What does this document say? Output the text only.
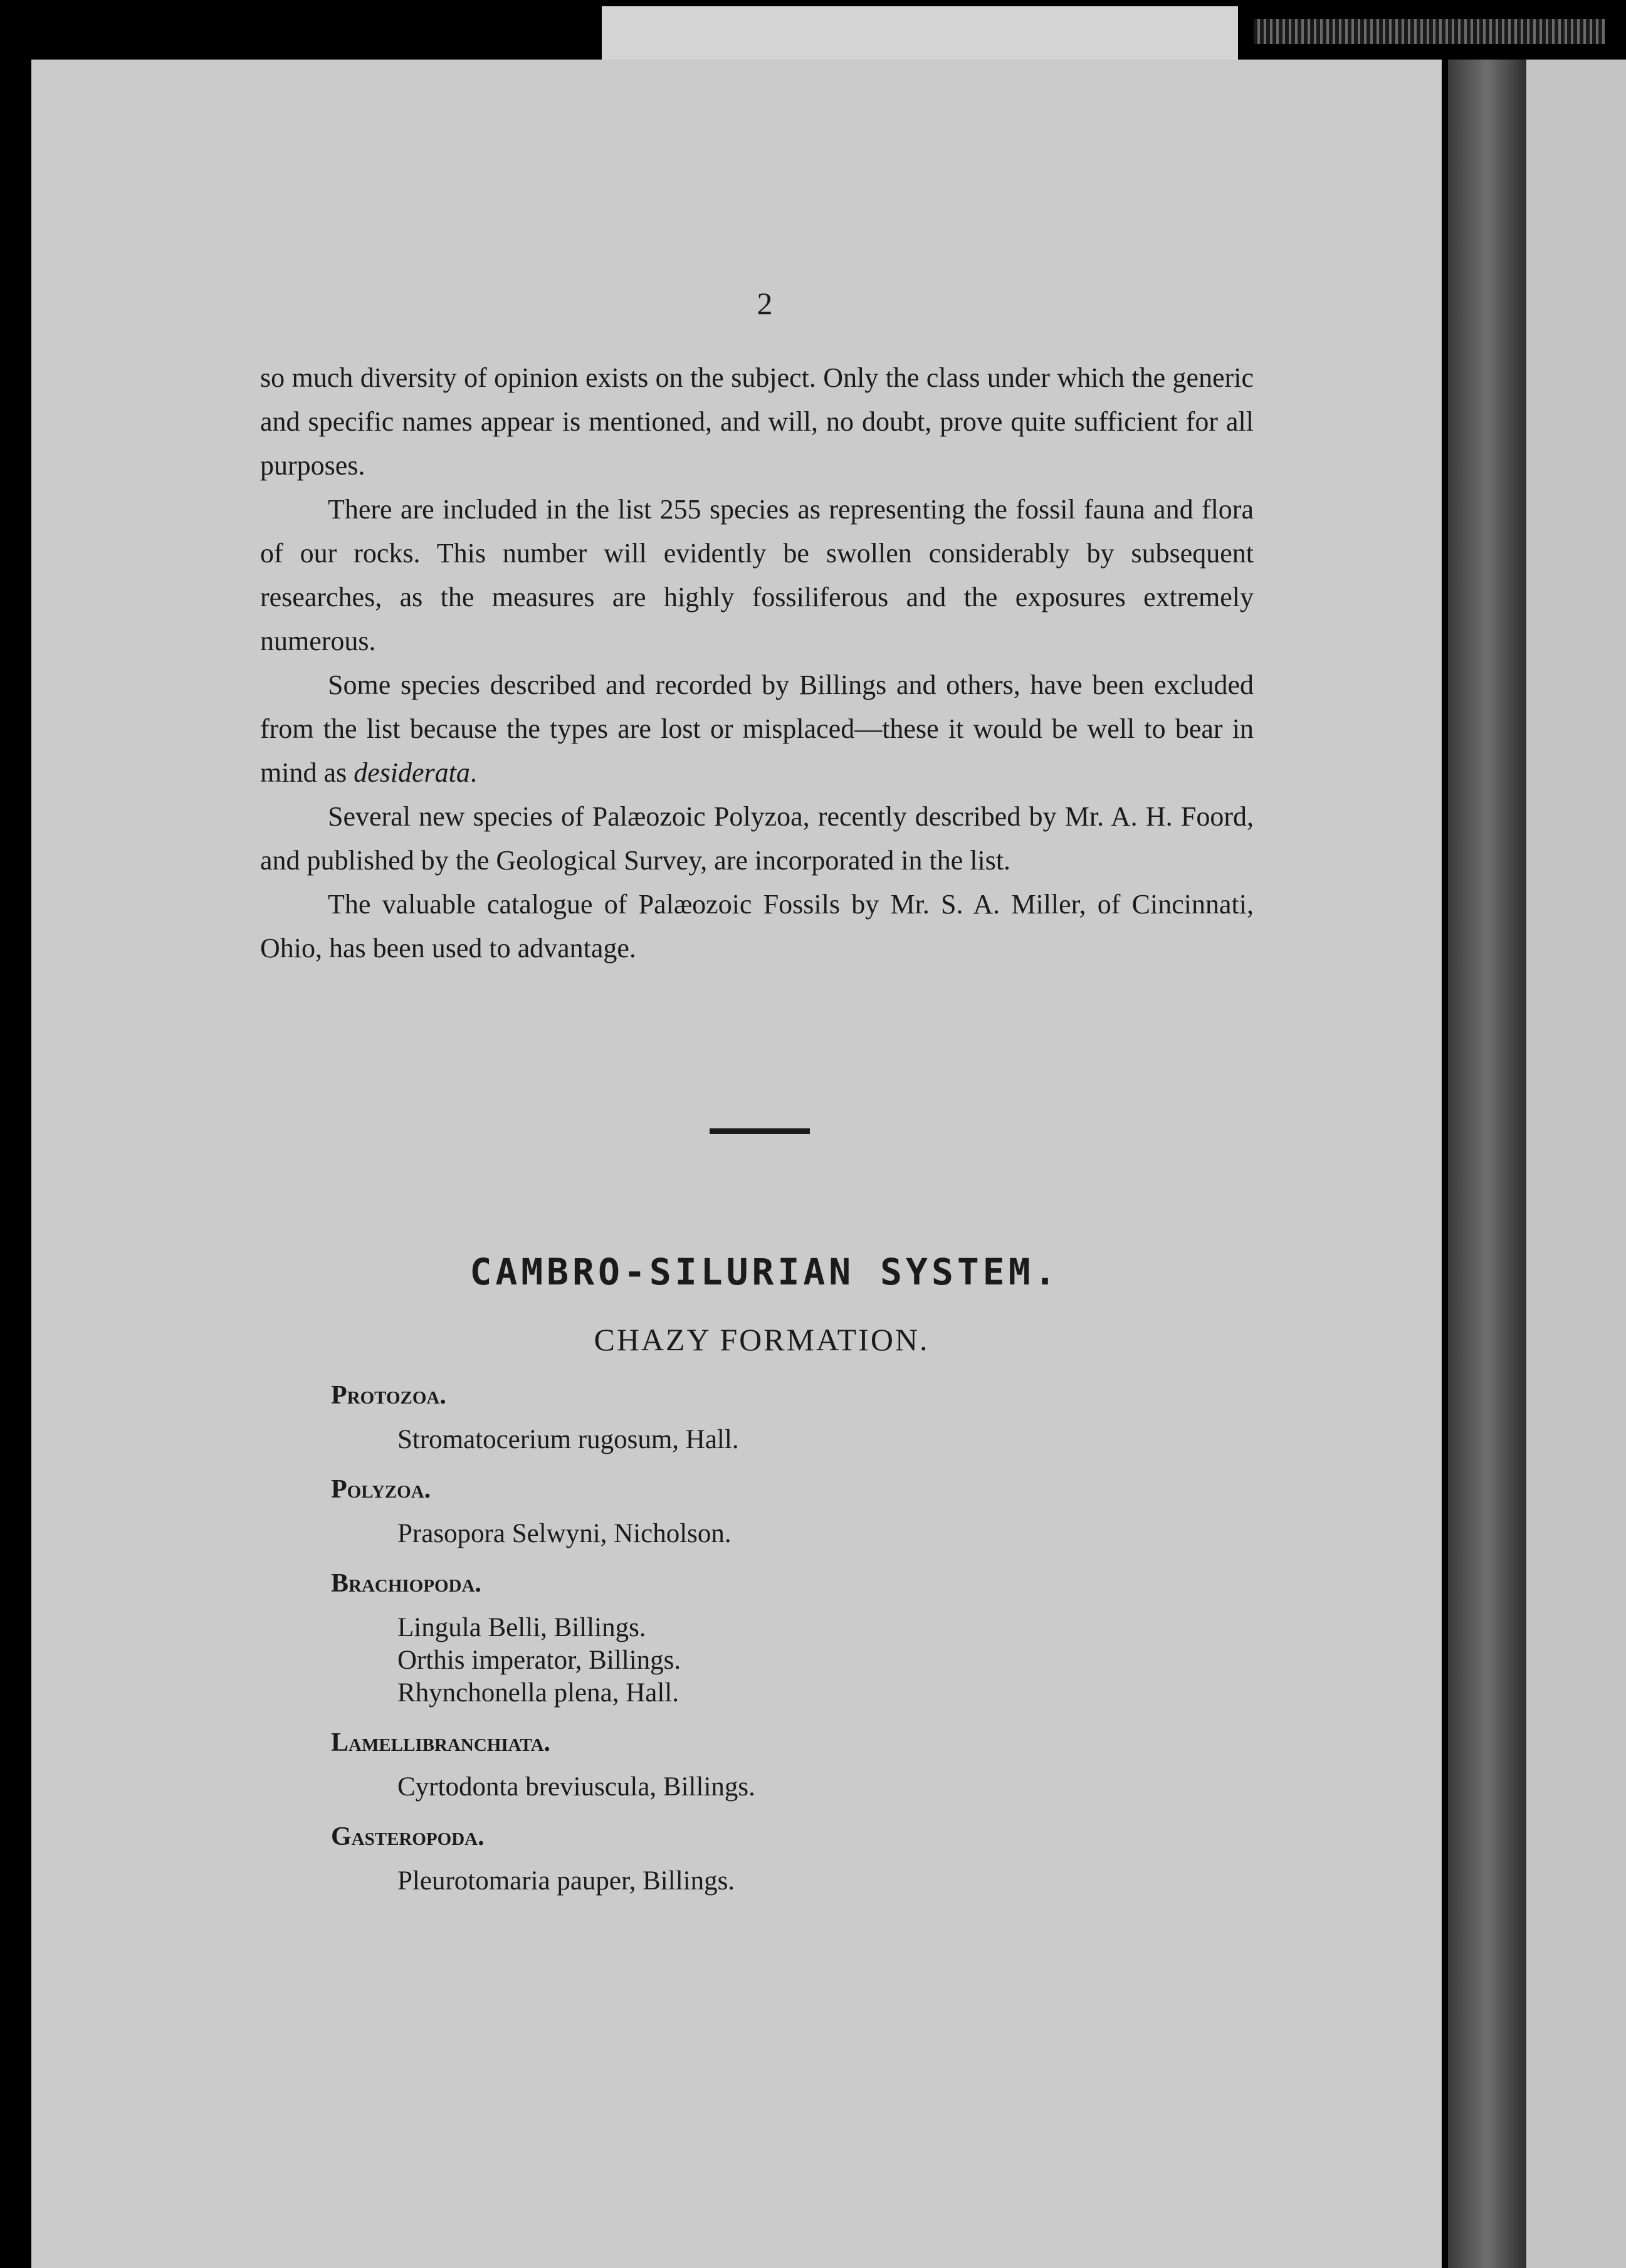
2

so much diversity of opinion exists on the subject. Only the class under which the generic and specific names appear is mentioned, and will, no doubt, prove quite sufficient for all purposes.

There are included in the list 255 species as representing the fossil fauna and flora of our rocks. This number will evidently be swollen considerably by subsequent researches, as the measures are highly fossiliferous and the exposures extremely numerous.

Some species described and recorded by Billings and others, have been excluded from the list because the types are lost or misplaced—these it would be well to bear in mind as desiderata.

Several new species of Palæozoic Polyzoa, recently described by Mr. A. H. Foord, and published by the Geological Survey, are incorporated in the list.

The valuable catalogue of Palæozoic Fossils by Mr. S. A. Miller, of Cincinnati, Ohio, has been used to advantage.

CAMBRO-SILURIAN SYSTEM.
CHAZY FORMATION.
Protozoa.
Stromatocerium rugosum, Hall.
Polyzoa.
Prasopora Selwyni, Nicholson.
Brachiopoda.
Lingula Belli, Billings.
Orthis imperator, Billings.
Rhynchonella plena, Hall.
Lamellibranchiata.
Cyrtodonta breviuscula, Billings.
Gasteropoda.
Pleurotomaria pauper, Billings.
